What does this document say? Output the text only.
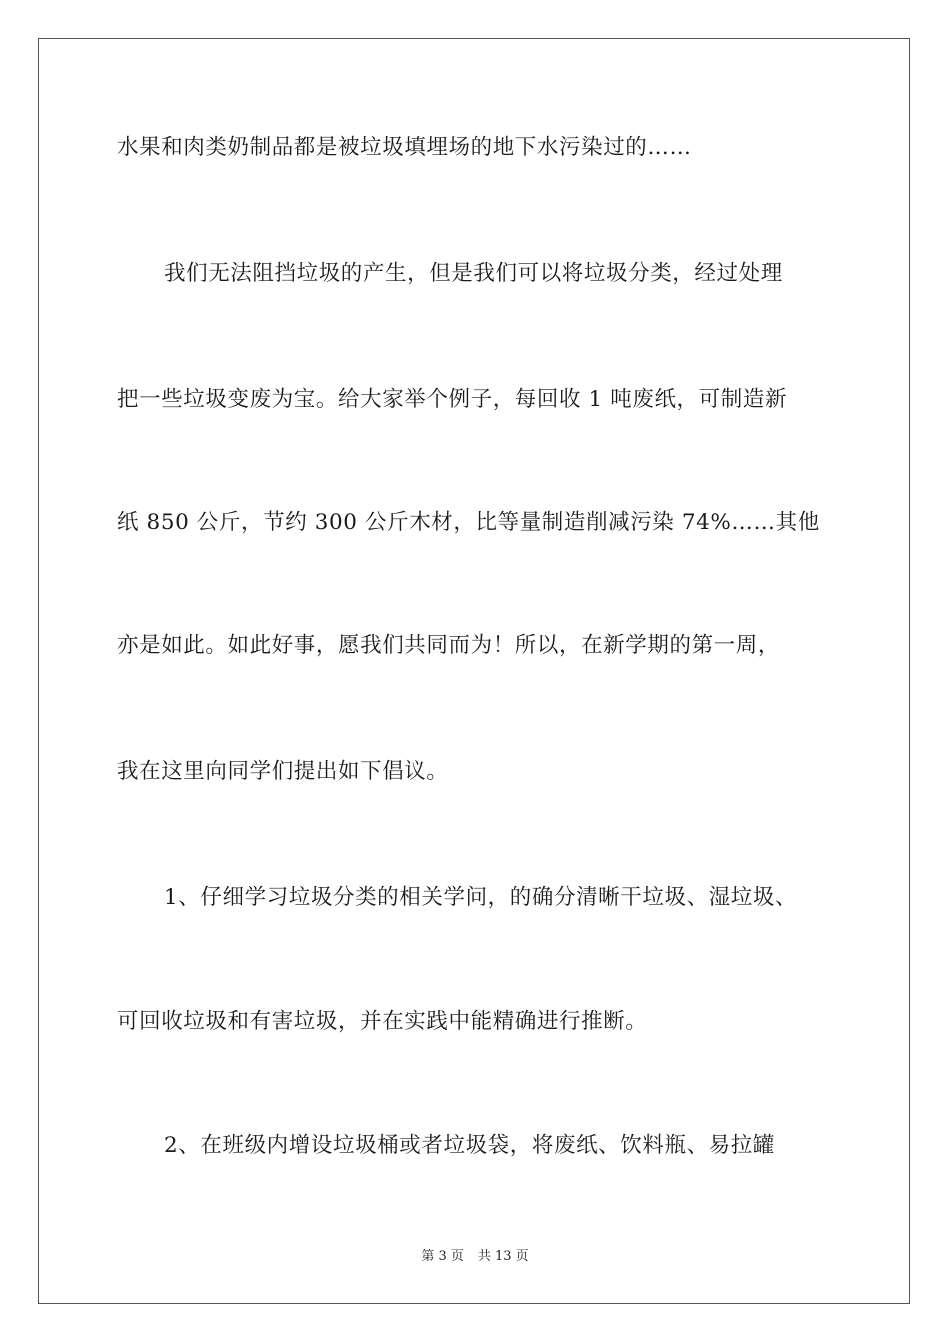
水果和肉类奶制品都是被垃圾填埋场的地下水污染过的……
我们无法阻挡垃圾的产生，但是我们可以将垃圾分类，经过处理
把一些垃圾变废为宝。给大家举个例子，每回收 1 吨废纸，可制造新
纸 850 公斤，节约 300 公斤木材，比等量制造削减污染 74%……其他
亦是如此。如此好事，愿我们共同而为！所以，在新学期的第一周，
我在这里向同学们提出如下倡议。
1、仔细学习垃圾分类的相关学问，的确分清晰干垃圾、湿垃圾、
可回收垃圾和有害垃圾，并在实践中能精确进行推断。
2、在班级内增设垃圾桶或者垃圾袋，将废纸、饮料瓶、易拉罐
第 3 页 共 13 页
